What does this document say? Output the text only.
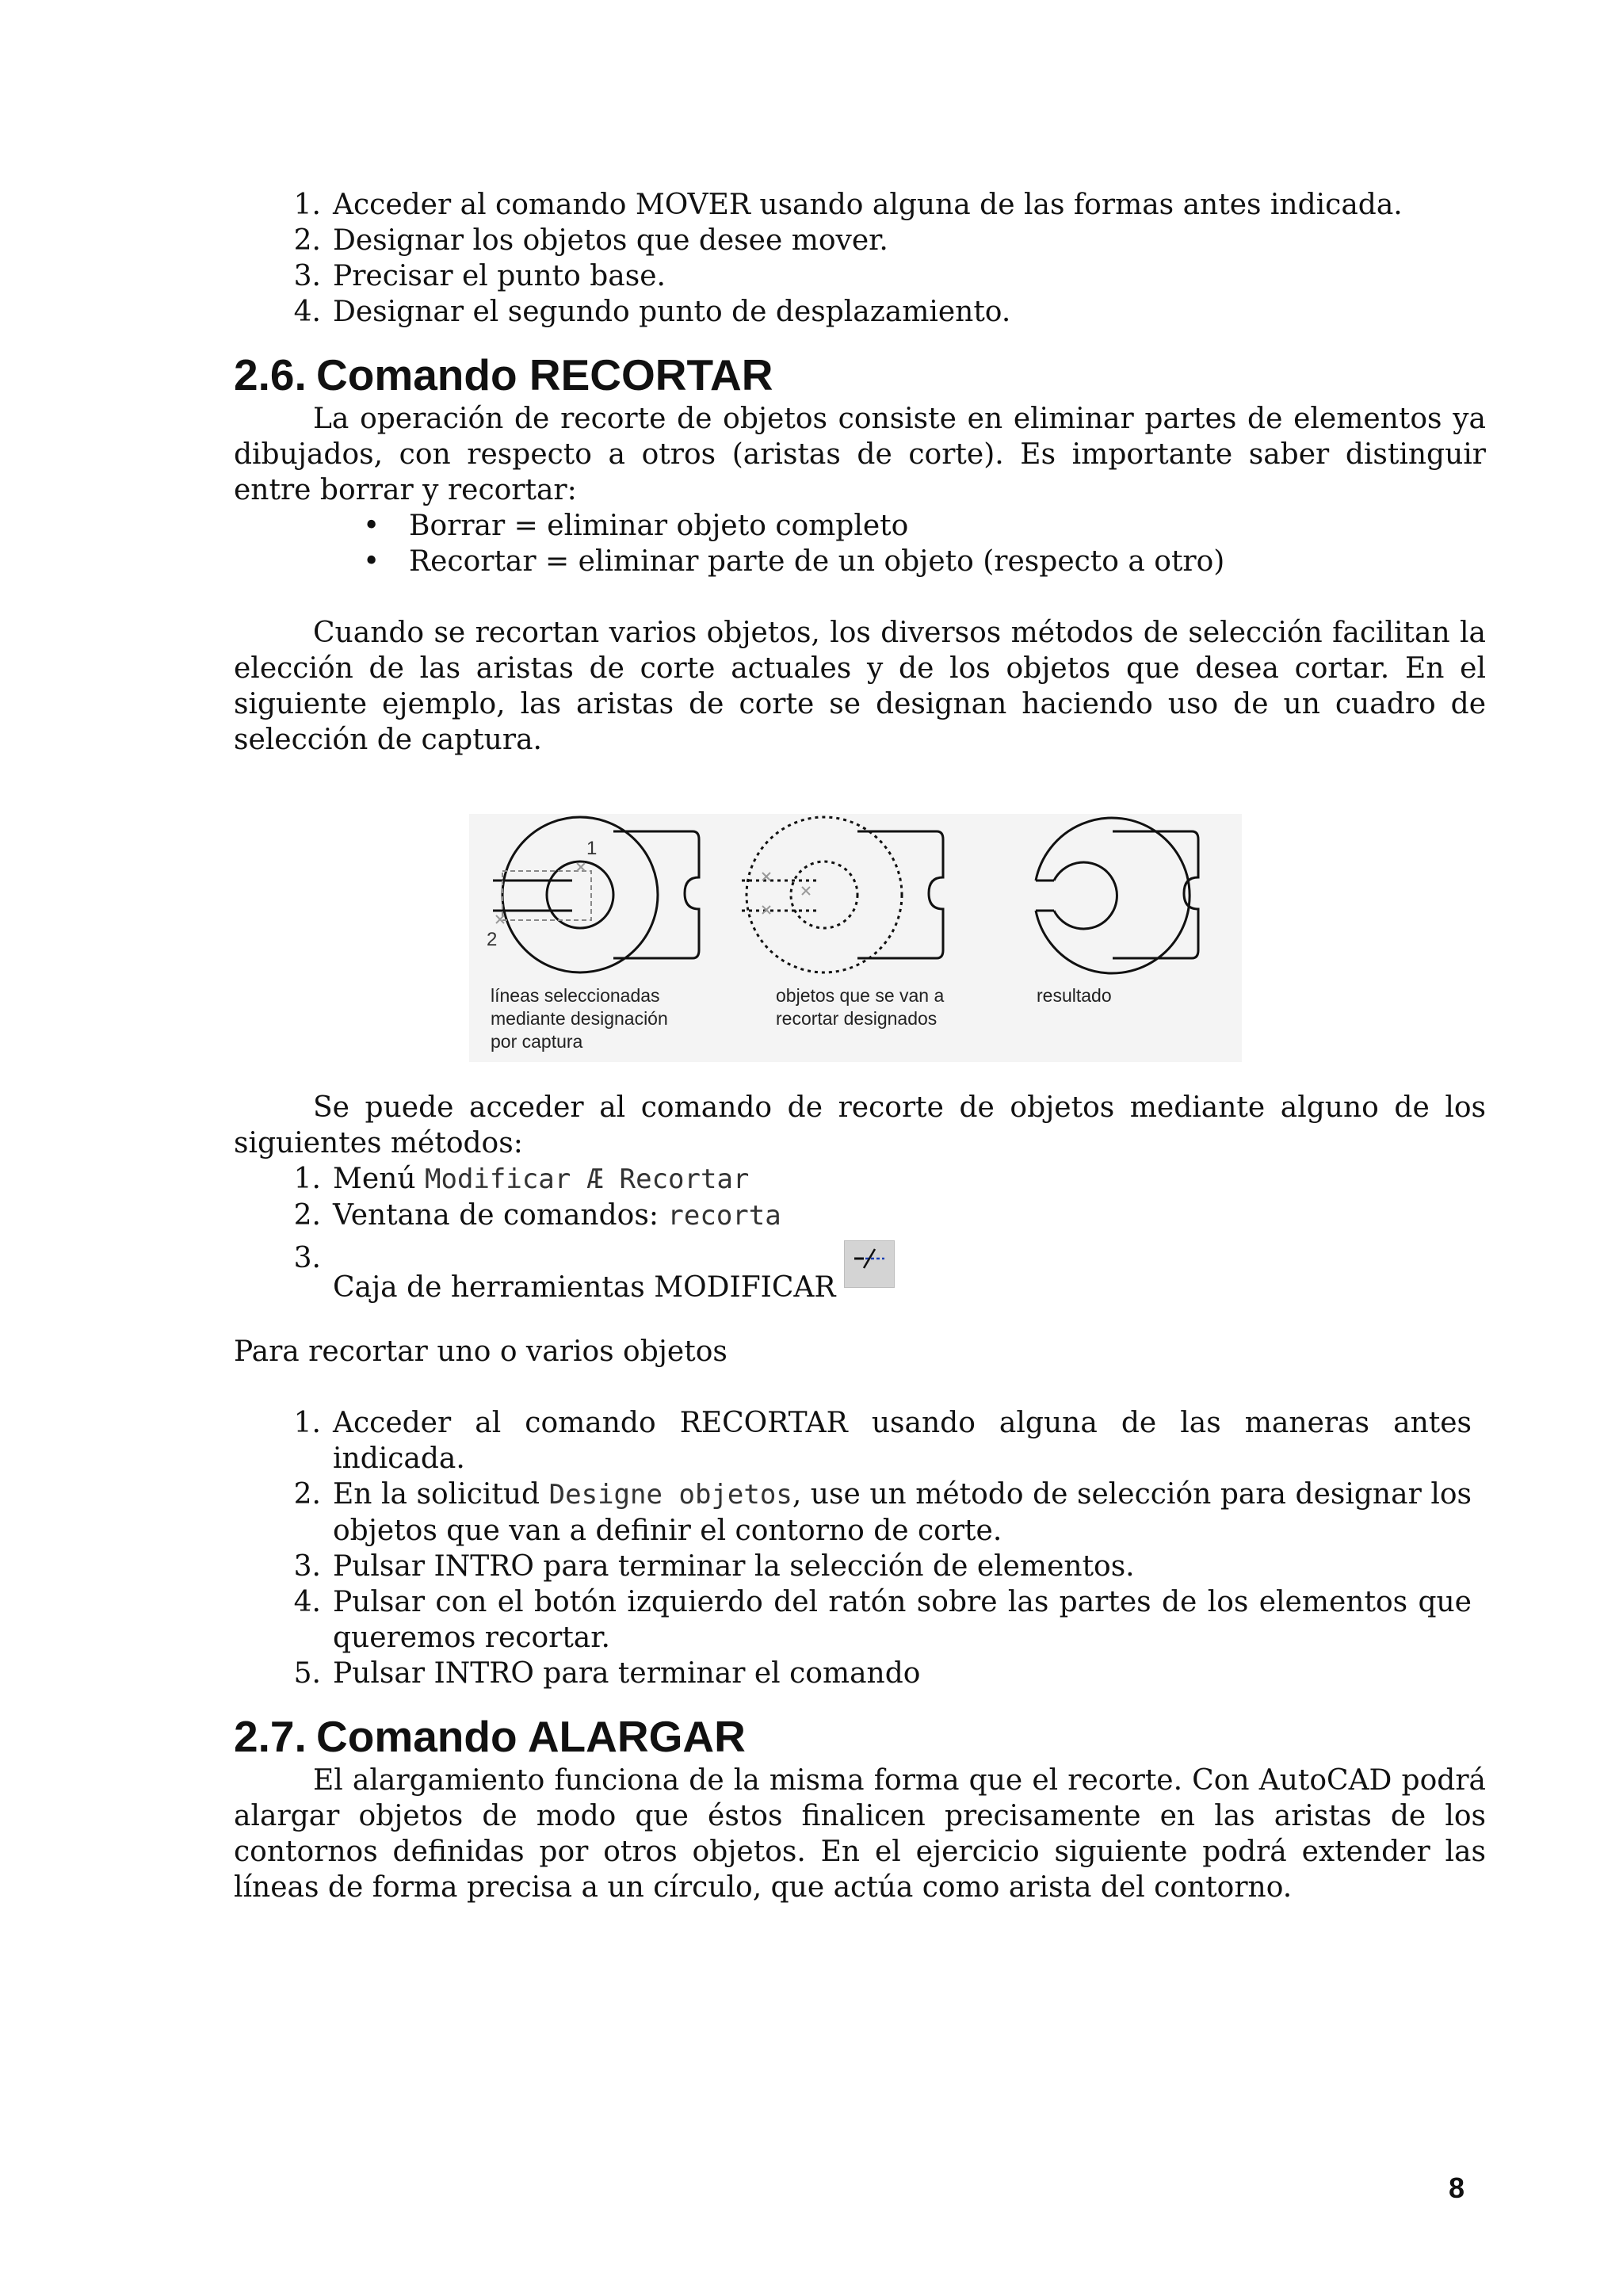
1. Acceder al comando MOVER usando alguna de las formas antes indicada.
2. Designar los objetos que desee mover.
3. Precisar el punto base.
4. Designar el segundo punto de desplazamiento.
2.6. Comando RECORTAR

La operación de recorte de objetos consiste en eliminar partes de elementos ya dibujados, con respecto a otros (aristas de corte). Es importante saber distinguir entre borrar y recortar:

• Borrar = eliminar objeto completo
• Recortar = eliminar parte de un objeto (respecto a otro)

Cuando se recortan varios objetos, los diversos métodos de selección facilitan la elección de las aristas de corte actuales y de los objetos que desea cortar. En el siguiente ejemplo, las aristas de corte se designan haciendo uso de un cuadro de selección de captura.

Se puede acceder al comando de recorte de objetos mediante alguno de los siguientes métodos:

1. Menú Modificar Æ Recortar
2. Ventana de comandos: recorta
3.
Caja de herramientas MODIFICAR

Para recortar uno o varios objetos

1. Acceder al comando RECORTAR usando alguna de las maneras antes indicada.
2. En la solicitud Designe objetos, use un método de selección para designar los objetos que van a definir el contorno de corte.
3. Pulsar INTRO para terminar la selección de elementos.
4. Pulsar con el botón izquierdo del ratón sobre las partes de los elementos que queremos recortar.
5. Pulsar INTRO para terminar el comando
2.7. Comando ALARGAR

El alargamiento funciona de la misma forma que el recorte. Con AutoCAD podrá alargar objetos de modo que éstos finalicen precisamente en las aristas de los contornos definidas por otros objetos. En el ejercicio siguiente podrá extender las líneas de forma precisa a un círculo, que actúa como arista del contorno.

1
2
líneas seleccionadas
mediante designación
por captura
objetos que se van a
recortar designados
resultado
8
